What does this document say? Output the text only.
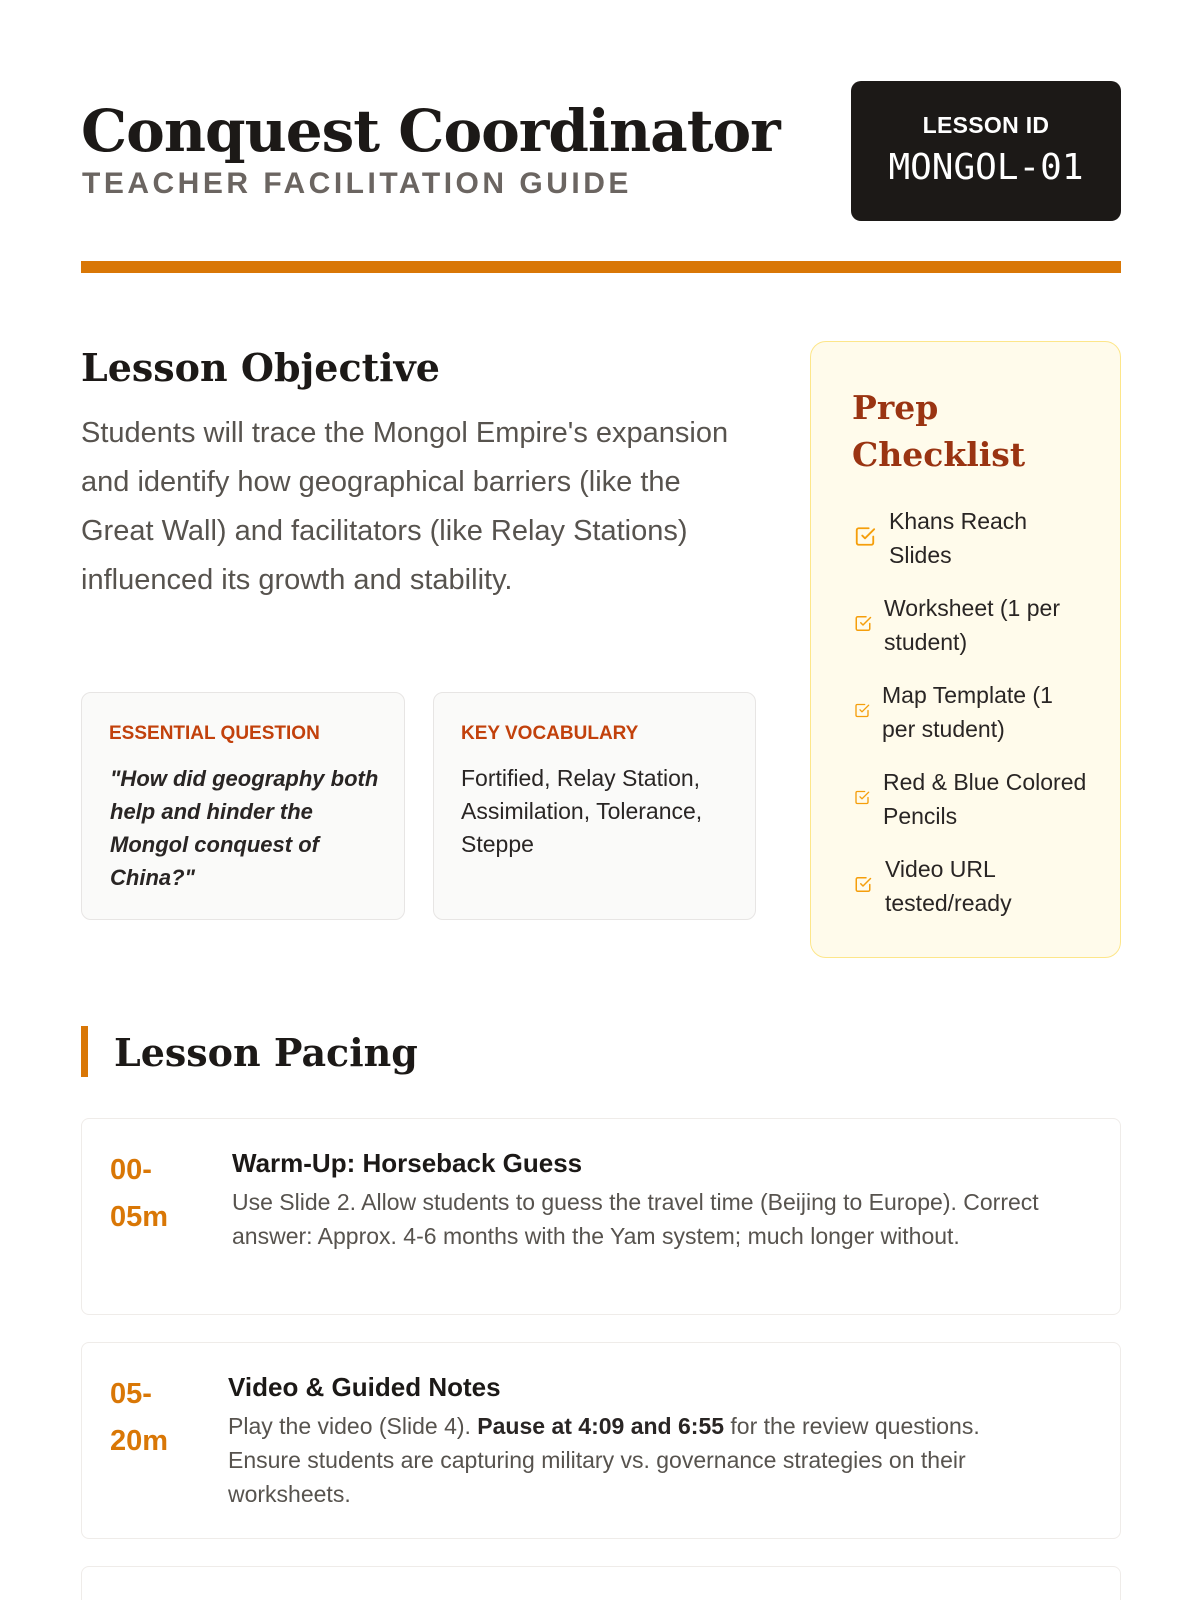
Conquest Coordinator
TEACHER FACILITATION GUIDE
LESSON ID
MONGOL-01
Lesson Objective
Students will trace the Mongol Empire's expansion and identify how geographical barriers (like the Great Wall) and facilitators (like Relay Stations) influenced its growth and stability.
ESSENTIAL QUESTION
"How did geography both help and hinder the Mongol conquest of China?"
KEY VOCABULARY
Fortified, Relay Station, Assimilation, Tolerance, Steppe
Prep Checklist
Khans Reach Slides
Worksheet (1 per student)
Map Template (1 per student)
Red & Blue Colored Pencils
Video URL tested/ready
Lesson Pacing
00-05m
Warm-Up: Horseback Guess
Use Slide 2. Allow students to guess the travel time (Beijing to Europe). Correct answer: Approx. 4-6 months with the Yam system; much longer without.
05-20m
Video & Guided Notes
Play the video (Slide 4). Pause at 4:09 and 6:55 for the review questions. Ensure students are capturing military vs. governance strategies on their worksheets.
